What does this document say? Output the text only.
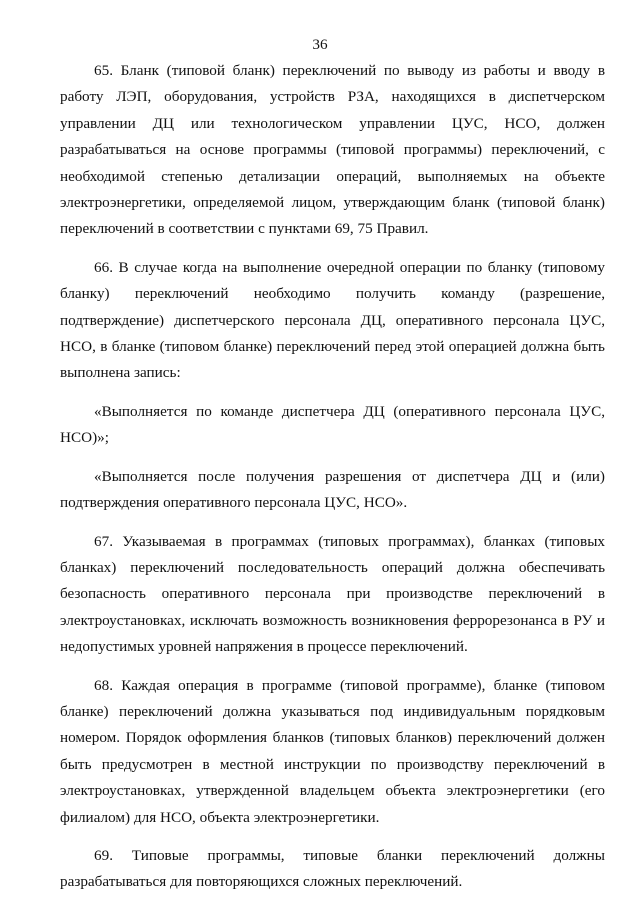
36

65. Бланк (типовой бланк) переключений по выводу из работы и вводу в работу ЛЭП, оборудования, устройств РЗА, находящихся в диспетчерском управлении ДЦ или технологическом управлении ЦУС, НСО, должен разрабатываться на основе программы (типовой программы) переключений, с необходимой степенью детализации операций, выполняемых на объекте электроэнергетики, определяемой лицом, утверждающим бланк (типовой бланк) переключений в соответствии с пунктами 69, 75 Правил.

66. В случае когда на выполнение очередной операции по бланку (типовому бланку) переключений необходимо получить команду (разрешение, подтверждение) диспетчерского персонала ДЦ, оперативного персонала ЦУС, НСО, в бланке (типовом бланке) переключений перед этой операцией должна быть выполнена запись:

«Выполняется по команде диспетчера ДЦ (оперативного персонала ЦУС, НСО)»;

«Выполняется после получения разрешения от диспетчера ДЦ и (или) подтверждения оперативного персонала ЦУС, НСО».

67. Указываемая в программах (типовых программах), бланках (типовых бланках) переключений последовательность операций должна обеспечивать безопасность оперативного персонала при производстве переключений в электроустановках, исключать возможность возникновения феррорезонанса в РУ и недопустимых уровней напряжения в процессе переключений.

68. Каждая операция в программе (типовой программе), бланке (типовом бланке) переключений должна указываться под индивидуальным порядковым номером. Порядок оформления бланков (типовых бланков) переключений должен быть предусмотрен в местной инструкции по производству переключений в электроустановках, утвержденной владельцем объекта электроэнергетики (его филиалом) для НСО, объекта электроэнергетики.

69. Типовые программы, типовые бланки переключений должны разрабатываться для повторяющихся сложных переключений.
